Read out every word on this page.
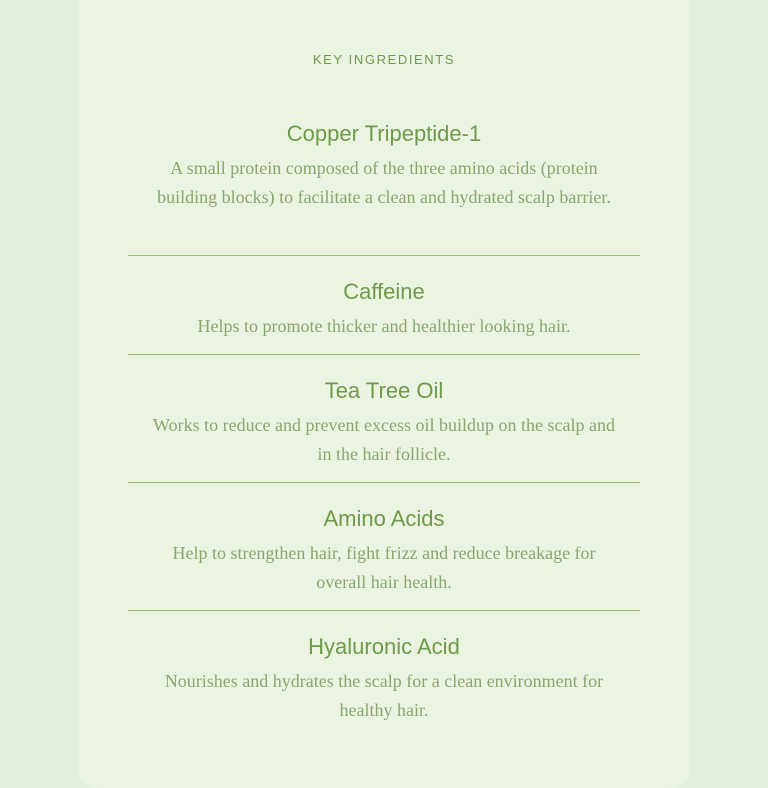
KEY INGREDIENTS
Copper Tripeptide-1
A small protein composed of the three amino acids (protein building blocks) to facilitate a clean and hydrated scalp barrier.
Caffeine
Helps to promote thicker and healthier looking hair.
Tea Tree Oil
Works to reduce and prevent excess oil buildup on the scalp and in the hair follicle.
Amino Acids
Help to strengthen hair, fight frizz and reduce breakage for overall hair health.
Hyaluronic Acid
Nourishes and hydrates the scalp for a clean environment for healthy hair.
